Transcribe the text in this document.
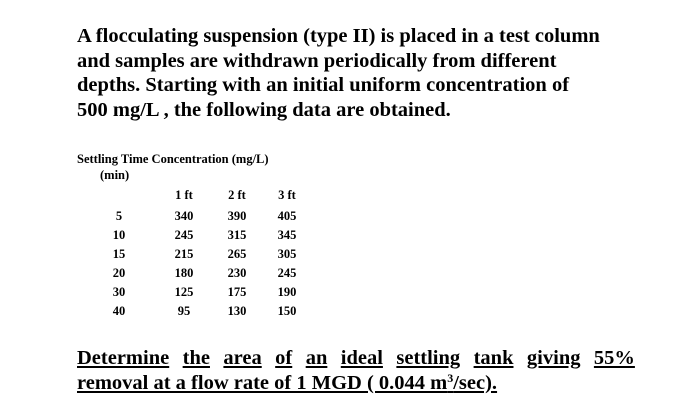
A flocculating suspension (type II) is placed in a test column
and samples are withdrawn periodically from different
depths. Starting with an initial uniform concentration of
500 mg/L , the following data are obtained.
Settling Time Concentration (mg/L)
(min)
1 ft	2 ft	3 ft
5	340	390	405
10	245	315	345
15	215	265	305
20	180	230	245
30	125	175	190
40	95	130	150
Determine the area of an ideal settling tank giving 55%
removal at a flow rate of 1 MGD ( 0.044 $m^3/\sec$).
